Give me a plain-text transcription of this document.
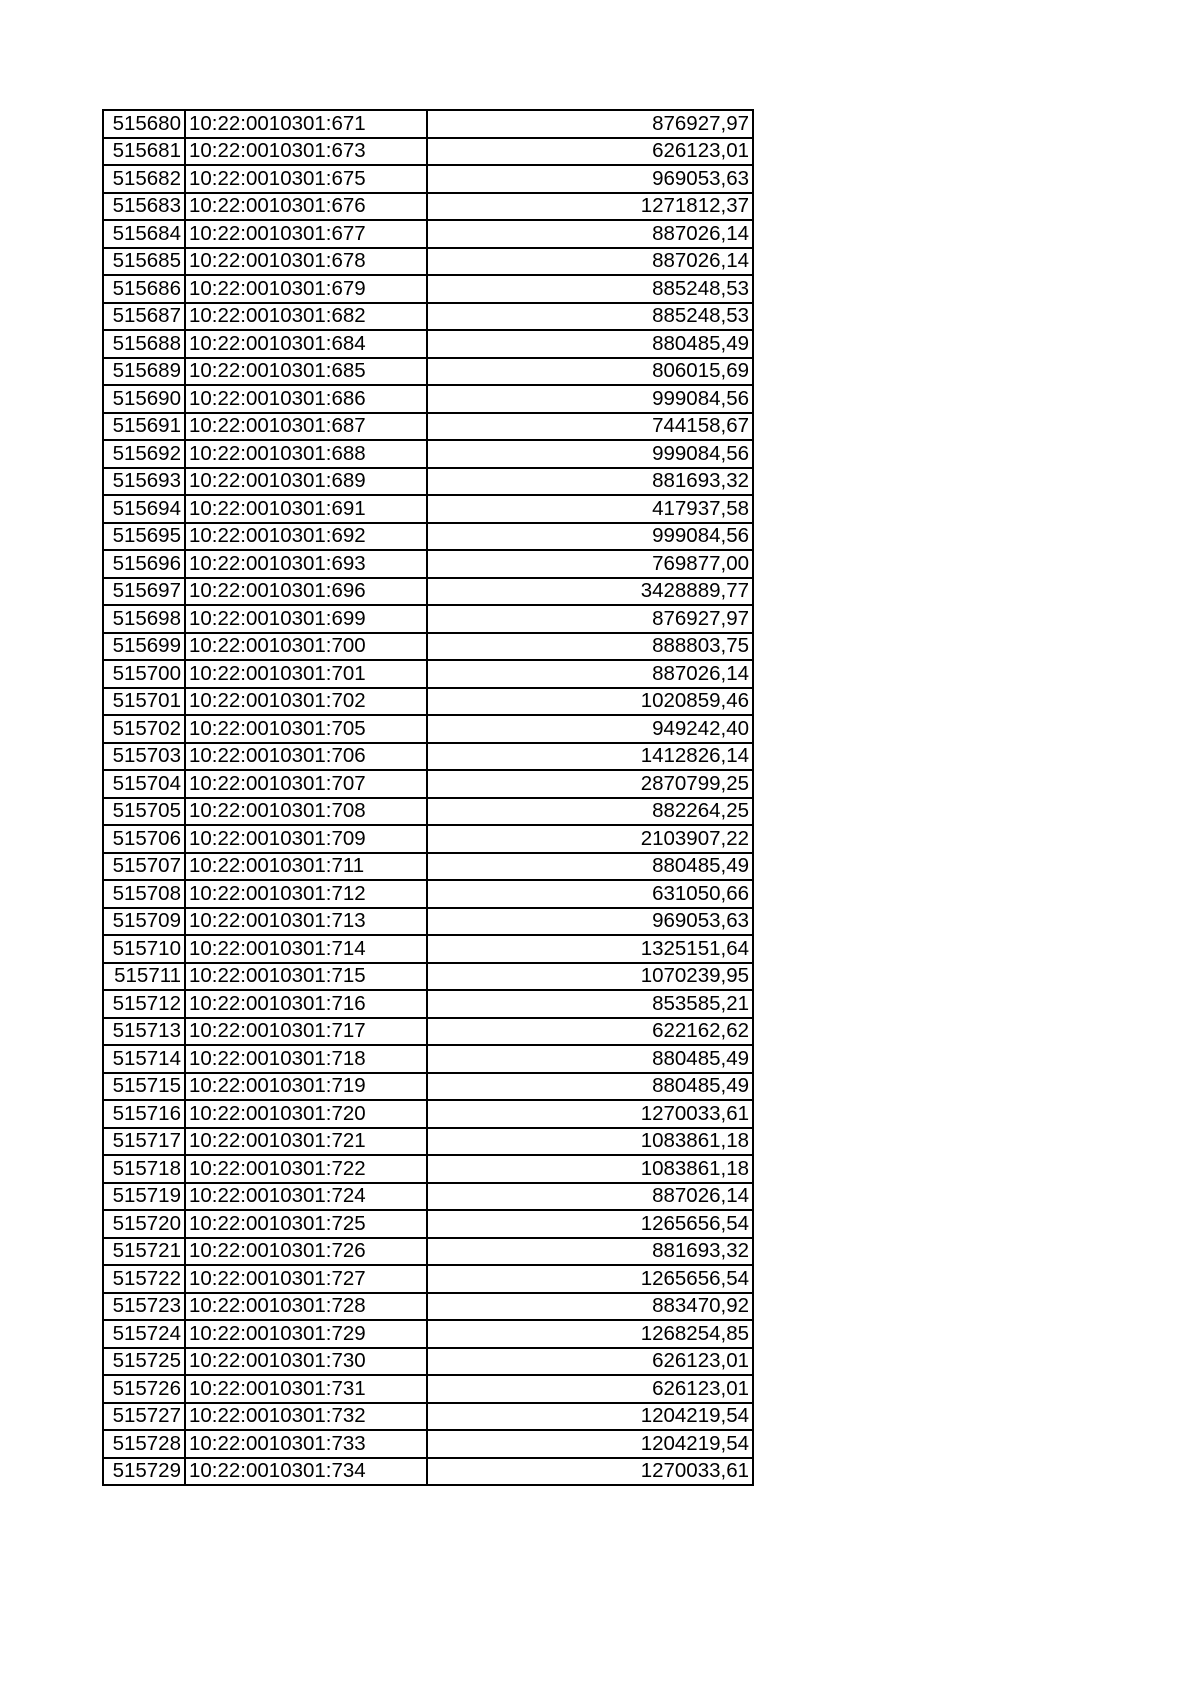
515680	10:22:0010301:671	876927,97
515681	10:22:0010301:673	626123,01
515682	10:22:0010301:675	969053,63
515683	10:22:0010301:676	1271812,37
515684	10:22:0010301:677	887026,14
515685	10:22:0010301:678	887026,14
515686	10:22:0010301:679	885248,53
515687	10:22:0010301:682	885248,53
515688	10:22:0010301:684	880485,49
515689	10:22:0010301:685	806015,69
515690	10:22:0010301:686	999084,56
515691	10:22:0010301:687	744158,67
515692	10:22:0010301:688	999084,56
515693	10:22:0010301:689	881693,32
515694	10:22:0010301:691	417937,58
515695	10:22:0010301:692	999084,56
515696	10:22:0010301:693	769877,00
515697	10:22:0010301:696	3428889,77
515698	10:22:0010301:699	876927,97
515699	10:22:0010301:700	888803,75
515700	10:22:0010301:701	887026,14
515701	10:22:0010301:702	1020859,46
515702	10:22:0010301:705	949242,40
515703	10:22:0010301:706	1412826,14
515704	10:22:0010301:707	2870799,25
515705	10:22:0010301:708	882264,25
515706	10:22:0010301:709	2103907,22
515707	10:22:0010301:711	880485,49
515708	10:22:0010301:712	631050,66
515709	10:22:0010301:713	969053,63
515710	10:22:0010301:714	1325151,64
515711	10:22:0010301:715	1070239,95
515712	10:22:0010301:716	853585,21
515713	10:22:0010301:717	622162,62
515714	10:22:0010301:718	880485,49
515715	10:22:0010301:719	880485,49
515716	10:22:0010301:720	1270033,61
515717	10:22:0010301:721	1083861,18
515718	10:22:0010301:722	1083861,18
515719	10:22:0010301:724	887026,14
515720	10:22:0010301:725	1265656,54
515721	10:22:0010301:726	881693,32
515722	10:22:0010301:727	1265656,54
515723	10:22:0010301:728	883470,92
515724	10:22:0010301:729	1268254,85
515725	10:22:0010301:730	626123,01
515726	10:22:0010301:731	626123,01
515727	10:22:0010301:732	1204219,54
515728	10:22:0010301:733	1204219,54
515729	10:22:0010301:734	1270033,61
